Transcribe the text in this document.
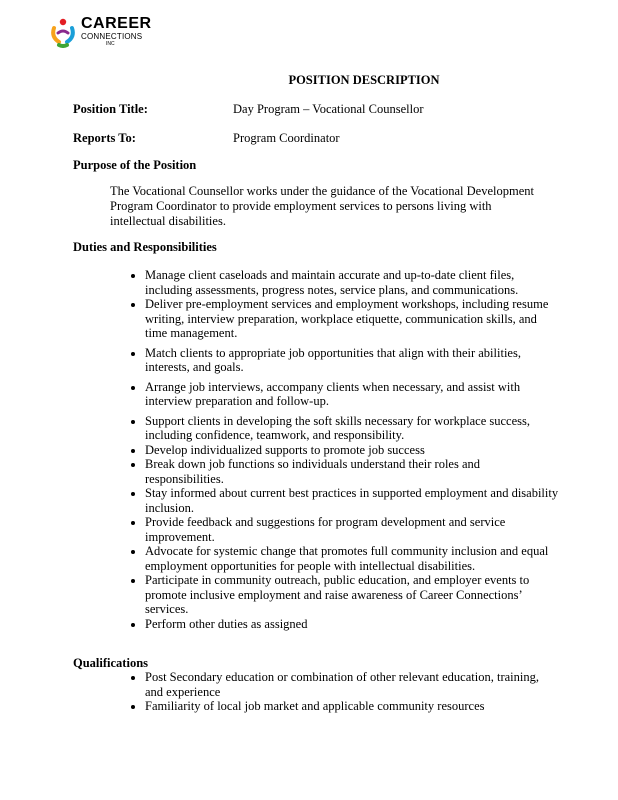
CAREER
CONNECTIONS
INC
POSITION DESCRIPTION
Position Title:	Day Program – Vocational Counsellor
Reports To:	Program Coordinator
Purpose of the Position
The Vocational Counsellor works under the guidance of the Vocational Development Program Coordinator to provide employment services to persons living with intellectual disabilities.
Duties and Responsibilities
• Manage client caseloads and maintain accurate and up-to-date client files, including assessments, progress notes, service plans, and communications.
• Deliver pre-employment services and employment workshops, including resume writing, interview preparation, workplace etiquette, communication skills, and time management.
• Match clients to appropriate job opportunities that align with their abilities, interests, and goals.
• Arrange job interviews, accompany clients when necessary, and assist with interview preparation and follow-up.
• Support clients in developing the soft skills necessary for workplace success, including confidence, teamwork, and responsibility.
• Develop individualized supports to promote job success
• Break down job functions so individuals understand their roles and responsibilities.
• Stay informed about current best practices in supported employment and disability inclusion.
• Provide feedback and suggestions for program development and service improvement.
• Advocate for systemic change that promotes full community inclusion and equal employment opportunities for people with intellectual disabilities.
• Participate in community outreach, public education, and employer events to promote inclusive employment and raise awareness of Career Connections’ services.
• Perform other duties as assigned
Qualifications
• Post Secondary education or combination of other relevant education, training, and experience
• Familiarity of local job market and applicable community resources
